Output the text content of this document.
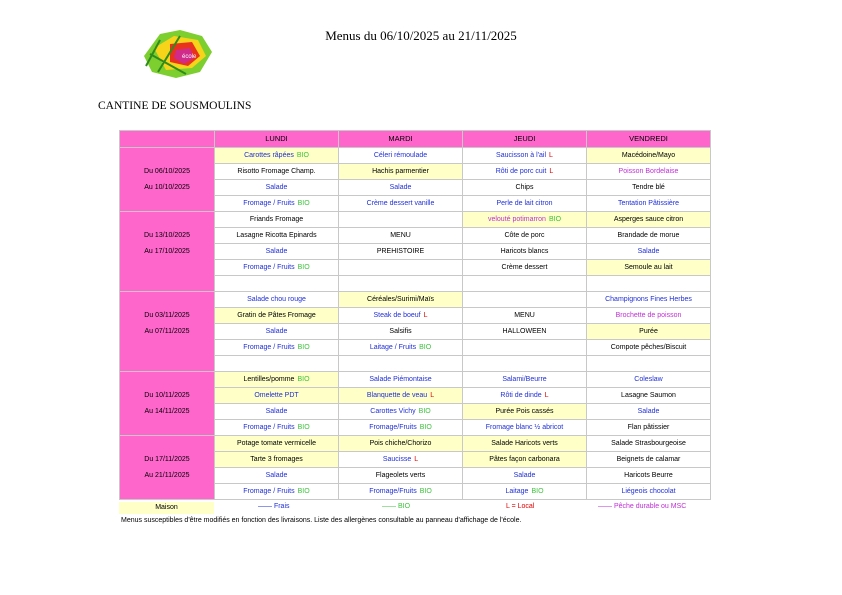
Menus du 06/10/2025 au 21/11/2025
école
CANTINE DE SOUSMOULINS
	LUNDI	MARDI	JEUDI	VENDREDI
	Carottes râpées BIO	Céleri rémoulade	Saucisson à l'ail L	Macédoine/Mayo
Du 06/10/2025	Risotto Fromage Champ.	Hachis parmentier	Rôti de porc cuit L	Poisson Bordelaise
Au 10/10/2025	Salade	Salade	Chips	Tendre blé
	Fromage / Fruits BIO	Crème dessert vanille	Perle de lait citron	Tentation Pâtissière
	Friands Fromage		velouté potimarron BIO	Asperges sauce citron
Du 13/10/2025	Lasagne Ricotta Epinards	MENU	Côte de porc	Brandade de morue
Au 17/10/2025	Salade	PREHISTOIRE	Haricots blancs	Salade
	Fromage / Fruits BIO		Crème dessert	Semoule au lait

	Salade chou rouge	Céréales/Surimi/Maïs		Champignons Fines Herbes
Du 03/11/2025	Gratin de Pâtes Fromage	Steak de boeuf L	MENU	Brochette de poisson
Au 07/11/2025	Salade	Salsifis	HALLOWEEN	Purée
	Fromage / Fruits BIO	Laitage / Fruits BIO		Compote pêches/Biscuit

	Lentilles/pomme BIO	Salade Piémontaise	Salami/Beurre	Coleslaw
Du 10/11/2025	Omelette PDT	Blanquette de veau L	Rôti de dinde L	Lasagne Saumon
Au 14/11/2025	Salade	Carottes Vichy BIO	Purée Pois cassés	Salade
	Fromage / Fruits BIO	Fromage/Fruits BIO	Fromage blanc ½ abricot	Flan pâtissier
	Potage tomate vermicelle	Pois chiche/Chorizo	Salade Haricots verts	Salade Strasbourgeoise
Du 17/11/2025	Tarte 3 fromages	Saucisse L	Pâtes façon carbonara	Beignets de calamar
Au 21/11/2025	Salade	Flageolets verts	Salade	Haricots Beurre
	Fromage / Fruits BIO	Fromage/Fruits BIO	Laitage BIO	Liégeois chocolat
Maison	—— Frais	—— BIO	L = Local	—— Pêche durable ou MSC
Menus susceptibles d'être modifiés en fonction des livraisons. Liste des allergènes consultable au panneau d'affichage de l'école.
